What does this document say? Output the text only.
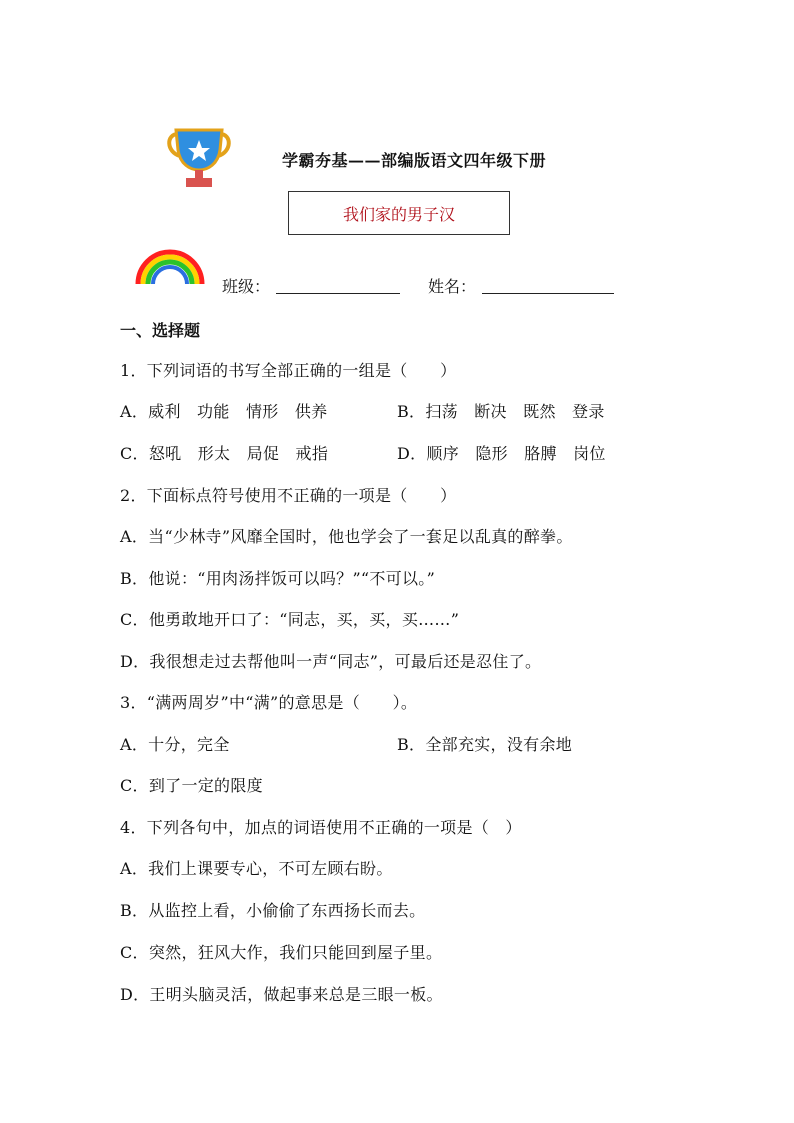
学霸夯基——部编版语文四年级下册
我们家的男子汉
班级：	姓名：
一、选择题
1．下列词语的书写全部正确的一组是（　　）
A．威利　功能　情形　供养	B．扫荡　断决　既然　登录
C．怒吼　形太　局促　戒指	D．顺序　隐形　胳膊　岗位
2．下面标点符号使用不正确的一项是（　　）
A．当“少林寺”风靡全国时，他也学会了一套足以乱真的醉拳。
B．他说：“用肉汤拌饭可以吗？”“不可以。”
C．他勇敢地开口了：“同志，买，买，买……”
D．我很想走过去帮他叫一声“同志”，可最后还是忍住了。
3．“满两周岁”中“满”的意思是（　　）。
A．十分，完全	B．全部充实，没有余地
C．到了一定的限度
4．下列各句中，加点的词语使用不正确的一项是（　）
A．我们上课要专心，不可左顾右盼。
B．从监控上看，小偷偷了东西扬长而去。
C．突然，狂风大作，我们只能回到屋子里。
D．王明头脑灵活，做起事来总是三眼一板。
